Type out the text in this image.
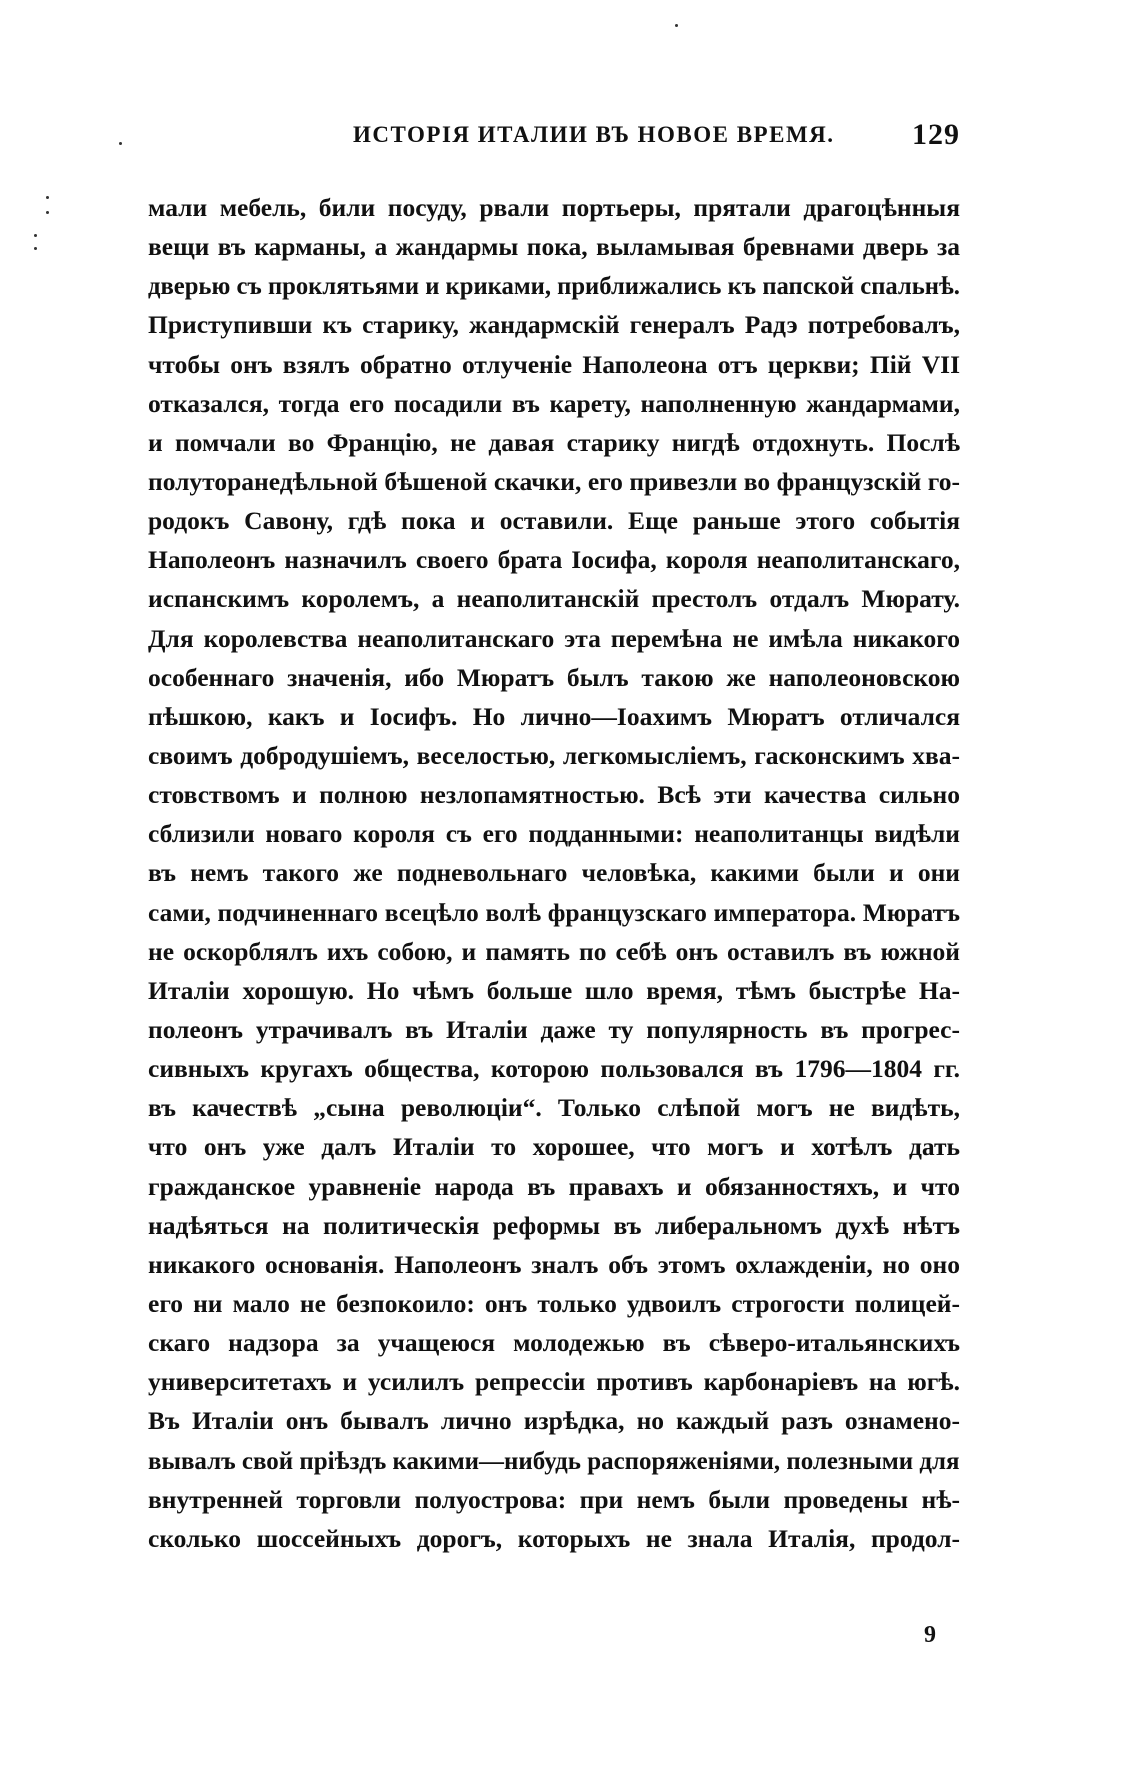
ИСТОРІЯ ИТАЛИИ ВЪ НОВОЕ ВРЕМЯ.	129
мали мебель, били посуду, рвали портьеры, прятали драгоцѣнныя
вещи въ карманы, а жандармы пока, выламывая бревнами дверь за
дверью съ проклятьями и криками, приближались къ папской спальнѣ.
Приступивши къ старику, жандармскій генералъ Радэ потребовалъ,
чтобы онъ взялъ обратно отлученіе Наполеона отъ церкви; Пій VII
отказался, тогда его посадили въ карету, наполненную жандармами,
и помчали во Францію, не давая старику нигдѣ отдохнуть. Послѣ
полуторанедѣльной бѣшеной скачки, его привезли во французскій го-
родокъ Савону, гдѣ пока и оставили. Еще раньше этого событія
Наполеонъ назначилъ своего брата Іосифа, короля неаполитанскаго,
испанскимъ королемъ, а неаполитанскій престолъ отдалъ Мюрату.
Для королевства неаполитанскаго эта перемѣна не имѣла никакого
особеннаго значенія, ибо Мюратъ былъ такою же наполеоновскою
пѣшкою, какъ и Іосифъ. Но лично—Іоахимъ Мюратъ отличался
своимъ добродушіемъ, веселостью, легкомысліемъ, гасконскимъ хва-
стовствомъ и полною незлопамятностью. Всѣ эти качества сильно
сблизили новаго короля съ его подданными: неаполитанцы видѣли
въ немъ такого же подневольнаго человѣка, какими были и они
сами, подчиненнаго всецѣло волѣ французскаго императора. Мюратъ
не оскорблялъ ихъ собою, и память по себѣ онъ оставилъ въ южной
Италіи хорошую. Но чѣмъ больше шло время, тѣмъ быстрѣе На-
полеонъ утрачивалъ въ Италіи даже ту популярность въ прогрес-
сивныхъ кругахъ общества, которою пользовался въ 1796—1804 гг.
въ качествѣ „сына революціи“. Только слѣпой могъ не видѣть,
что онъ уже далъ Италіи то хорошее, что могъ и хотѣлъ дать
гражданское уравненіе народа въ правахъ и обязанностяхъ, и что
надѣяться на политическія реформы въ либеральномъ духѣ нѣтъ
никакого основанія. Наполеонъ зналъ объ этомъ охлажденіи, но оно
его ни мало не безпокоило: онъ только удвоилъ строгости полицей-
скаго надзора за учащеюся молодежью въ сѣверо-итальянскихъ
университетахъ и усилилъ репрессіи противъ карбонаріевъ на югѣ.
Въ Италіи онъ бывалъ лично изрѣдка, но каждый разъ ознамено-
вывалъ свой пріѣздъ какими—нибудь распоряженіями, полезными для
внутренней торговли полуострова: при немъ были проведены нѣ-
сколько шоссейныхъ дорогъ, которыхъ не знала Италія, продол-
9
